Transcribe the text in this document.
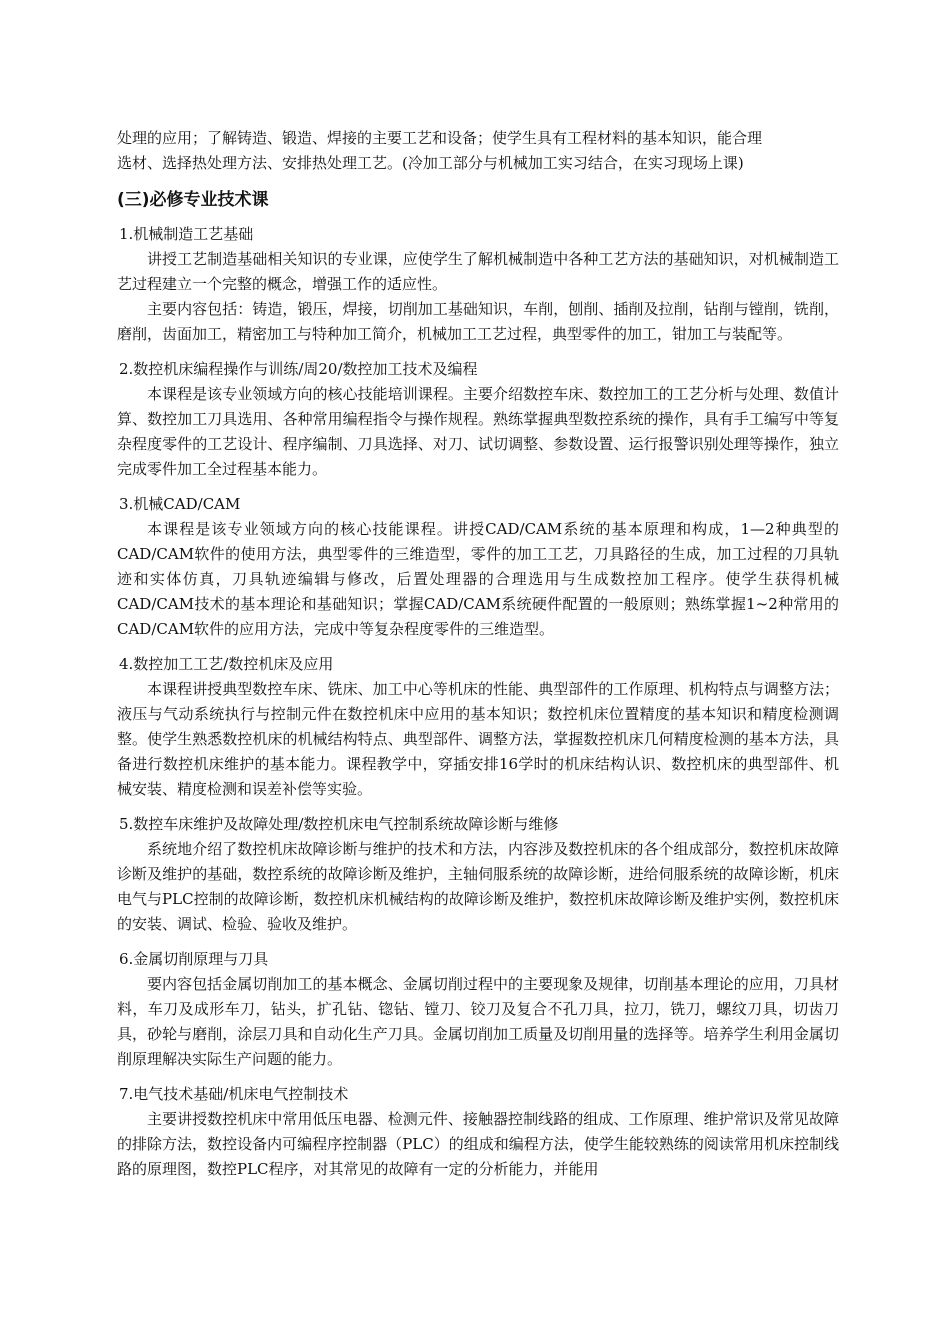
处理的应用；了解铸造、锻造、焊接的主要工艺和设备；使学生具有工程材料的基本知识，能合理

选材、选择热处理方法、安排热处理工艺。(冷加工部分与机械加工实习结合，在实习现场上课)

(三)必修专业技术课

1.机械制造工艺基础

讲授工艺制造基础相关知识的专业课，应使学生了解机械制造中各种工艺方法的基础知识，对机械制造工艺过程建立一个完整的概念，增强工作的适应性。

主要内容包括：铸造，锻压，焊接，切削加工基础知识，车削，刨削、插削及拉削，钻削与镗削，铣削，磨削，齿面加工，精密加工与特种加工简介，机械加工工艺过程，典型零件的加工，钳加工与装配等。

2.数控机床编程操作与训练/周20/数控加工技术及编程

本课程是该专业领域方向的核心技能培训课程。主要介绍数控车床、数控加工的工艺分析与处理、数值计算、数控加工刀具选用、各种常用编程指令与操作规程。熟练掌握典型数控系统的操作，具有手工编写中等复杂程度零件的工艺设计、程序编制、刀具选择、对刀、试切调整、参数设置、运行报警识别处理等操作，独立完成零件加工全过程基本能力。

3.机械CAD/CAM

本课程是该专业领域方向的核心技能课程。讲授CAD/CAM系统的基本原理和构成，1—2种典型的CAD/CAM软件的使用方法，典型零件的三维造型，零件的加工工艺，刀具路径的生成，加工过程的刀具轨迹和实体仿真，刀具轨迹编辑与修改，后置处理器的合理选用与生成数控加工程序。使学生获得机械CAD/CAM技术的基本理论和基础知识；掌握CAD/CAM系统硬件配置的一般原则；熟练掌握1~2种常用的CAD/CAM软件的应用方法，完成中等复杂程度零件的三维造型。

4.数控加工工艺/数控机床及应用

本课程讲授典型数控车床、铣床、加工中心等机床的性能、典型部件的工作原理、机构特点与调整方法；液压与气动系统执行与控制元件在数控机床中应用的基本知识；数控机床位置精度的基本知识和精度检测调整。使学生熟悉数控机床的机械结构特点、典型部件、调整方法，掌握数控机床几何精度检测的基本方法，具备进行数控机床维护的基本能力。课程教学中，穿插安排16学时的机床结构认识、数控机床的典型部件、机械安装、精度检测和误差补偿等实验。

5.数控车床维护及故障处理/数控机床电气控制系统故障诊断与维修

系统地介绍了数控机床故障诊断与维护的技术和方法，内容涉及数控机床的各个组成部分，数控机床故障诊断及维护的基础，数控系统的故障诊断及维护，主轴伺服系统的故障诊断，进给伺服系统的故障诊断，机床电气与PLC控制的故障诊断，数控机床机械结构的故障诊断及维护，数控机床故障诊断及维护实例，数控机床的安装、调试、检验、验收及维护。

6.金属切削原理与刀具

要内容包括金属切削加工的基本概念、金属切削过程中的主要现象及规律，切削基本理论的应用，刀具材料，车刀及成形车刀，钻头，扩孔钻、锪钻、镗刀、铰刀及复合不孔刀具，拉刀，铣刀，螺纹刀具，切齿刀具，砂轮与磨削，涂层刀具和自动化生产刀具。金属切削加工质量及切削用量的选择等。培养学生利用金属切削原理解决实际生产问题的能力。

7.电气技术基础/机床电气控制技术

主要讲授数控机床中常用低压电器、检测元件、接触器控制线路的组成、工作原理、维护常识及常见故障的排除方法，数控设备内可编程序控制器（PLC）的组成和编程方法，使学生能较熟练的阅读常用机床控制线路的原理图，数控PLC程序，对其常见的故障有一定的分析能力，并能用
